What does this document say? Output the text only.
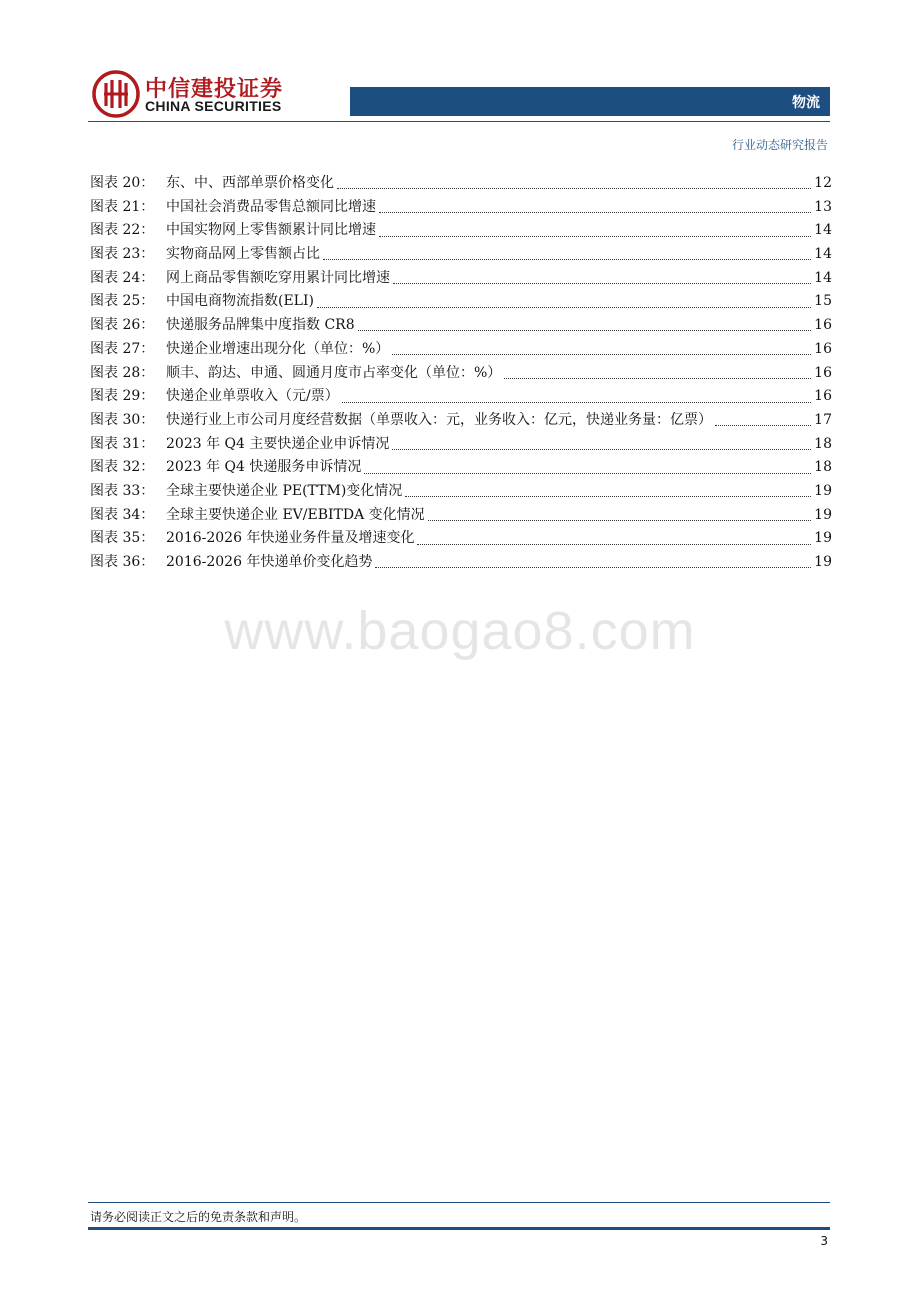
中信建投证券
CHINA SECURITIES	物流
行业动态研究报告
图表 20： 东、中、西部单票价格变化	12
图表 21： 中国社会消费品零售总额同比增速	13
图表 22： 中国实物网上零售额累计同比增速	14
图表 23： 实物商品网上零售额占比	14
图表 24： 网上商品零售额吃穿用累计同比增速	14
图表 25： 中国电商物流指数(ELI)	15
图表 26： 快递服务品牌集中度指数 CR8	16
图表 27： 快递企业增速出现分化（单位：%）	16
图表 28： 顺丰、韵达、申通、圆通月度市占率变化（单位：%）	16
图表 29： 快递企业单票收入（元/票）	16
图表 30： 快递行业上市公司月度经营数据（单票收入：元，业务收入：亿元，快递业务量：亿票）	17
图表 31： 2023 年 Q4 主要快递企业申诉情况	18
图表 32： 2023 年 Q4 快递服务申诉情况	18
图表 33： 全球主要快递企业 PE(TTM)变化情况	19
图表 34： 全球主要快递企业 EV/EBITDA 变化情况	19
图表 35： 2016-2026 年快递业务件量及增速变化	19
图表 36： 2016-2026 年快递单价变化趋势	19
www.baogao8.com
请务必阅读正文之后的免责条款和声明。
3
